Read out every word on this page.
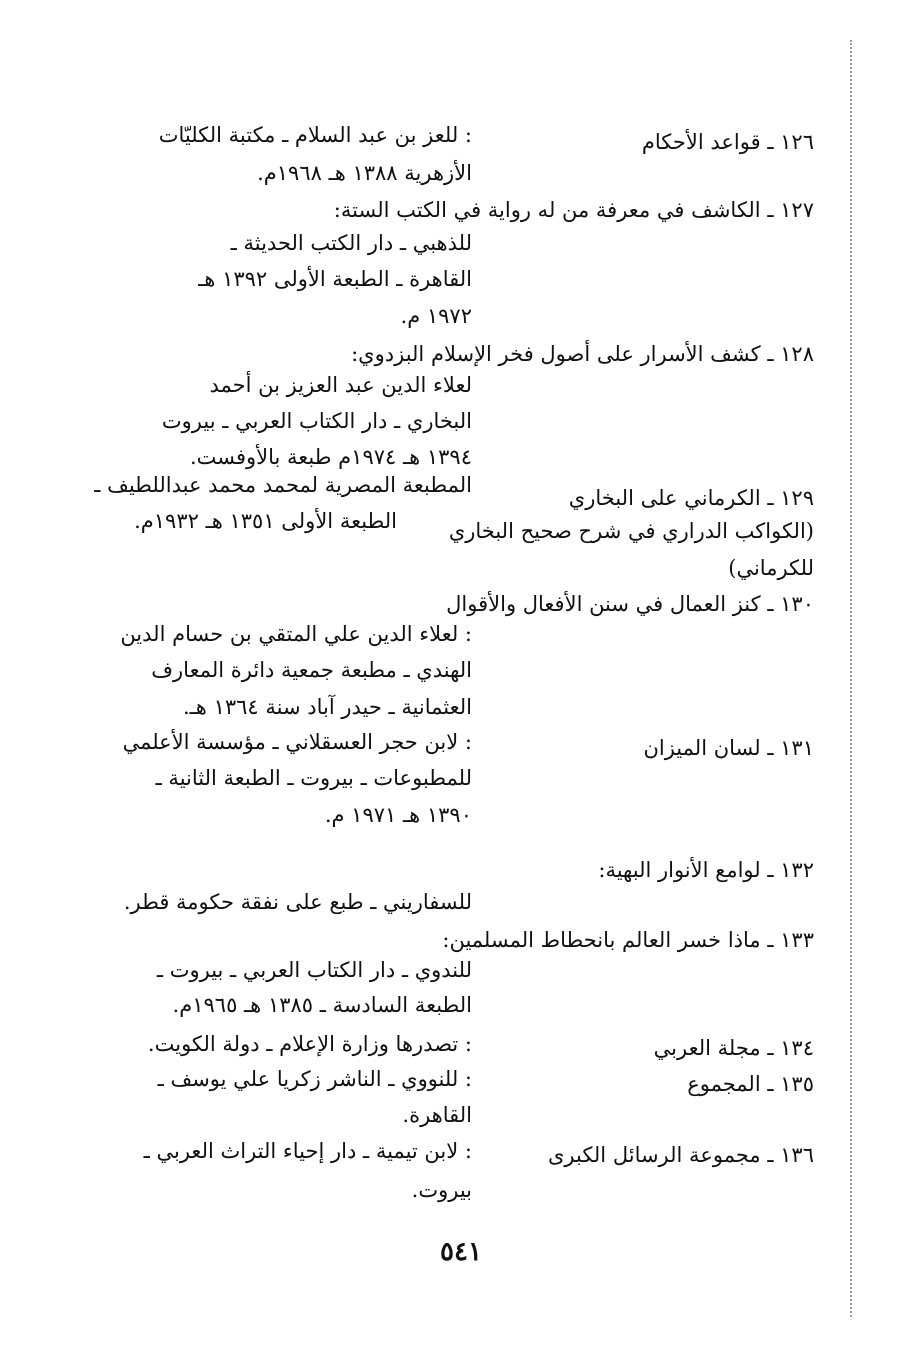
١٢٦ ـ قواعد الأحكام
: للعز بن عبد السلام ـ مكتبة الكليّات
الأزهرية ١٣٨٨ هـ ١٩٦٨م.
١٢٧ ـ الكاشف في معرفة من له رواية في الكتب الستة:
للذهبي ـ دار الكتب الحديثة ـ
القاهرة ـ الطبعة الأولى ١٣٩٢ هـ
١٩٧٢ م.
١٢٨ ـ كشف الأسرار على أصول فخر الإسلام البزدوي:
لعلاء الدين عبد العزيز بن أحمد
البخاري ـ دار الكتاب العربي ـ بيروت
١٣٩٤ هـ ١٩٧٤م طبعة بالأوفست.
١٢٩ ـ الكرماني على البخاري
(الكواكب الدراري في شرح صحيح البخاري
للكرماني)
المطبعة المصرية لمحمد محمد عبداللطيف ـ
الطبعة الأولى ١٣٥١ هـ ١٩٣٢م.
١٣٠ ـ كنز العمال في سنن الأفعال والأقوال
: لعلاء الدين علي المتقي بن حسام الدين
الهندي ـ مطبعة جمعية دائرة المعارف
العثمانية ـ حيدر آباد سنة ١٣٦٤ هـ.
١٣١ ـ لسان الميزان
: لابن حجر العسقلاني ـ مؤسسة الأعلمي
للمطبوعات ـ بيروت ـ الطبعة الثانية ـ
١٣٩٠ هـ ١٩٧١ م.
١٣٢ ـ لوامع الأنوار البهية:
للسفاريني ـ طبع على نفقة حكومة قطر.
١٣٣ ـ ماذا خسر العالم بانحطاط المسلمين:
للندوي ـ دار الكتاب العربي ـ بيروت ـ
الطبعة السادسة ـ ١٣٨٥ هـ ١٩٦٥م.
١٣٤ ـ مجلة العربي
: تصدرها وزارة الإعلام ـ دولة الكويت.
١٣٥ ـ المجموع
: للنووي ـ الناشر زكريا علي يوسف ـ
القاهرة.
١٣٦ ـ مجموعة الرسائل الكبرى
: لابن تيمية ـ دار إحياء التراث العربي ـ
بيروت.
٥٤١
